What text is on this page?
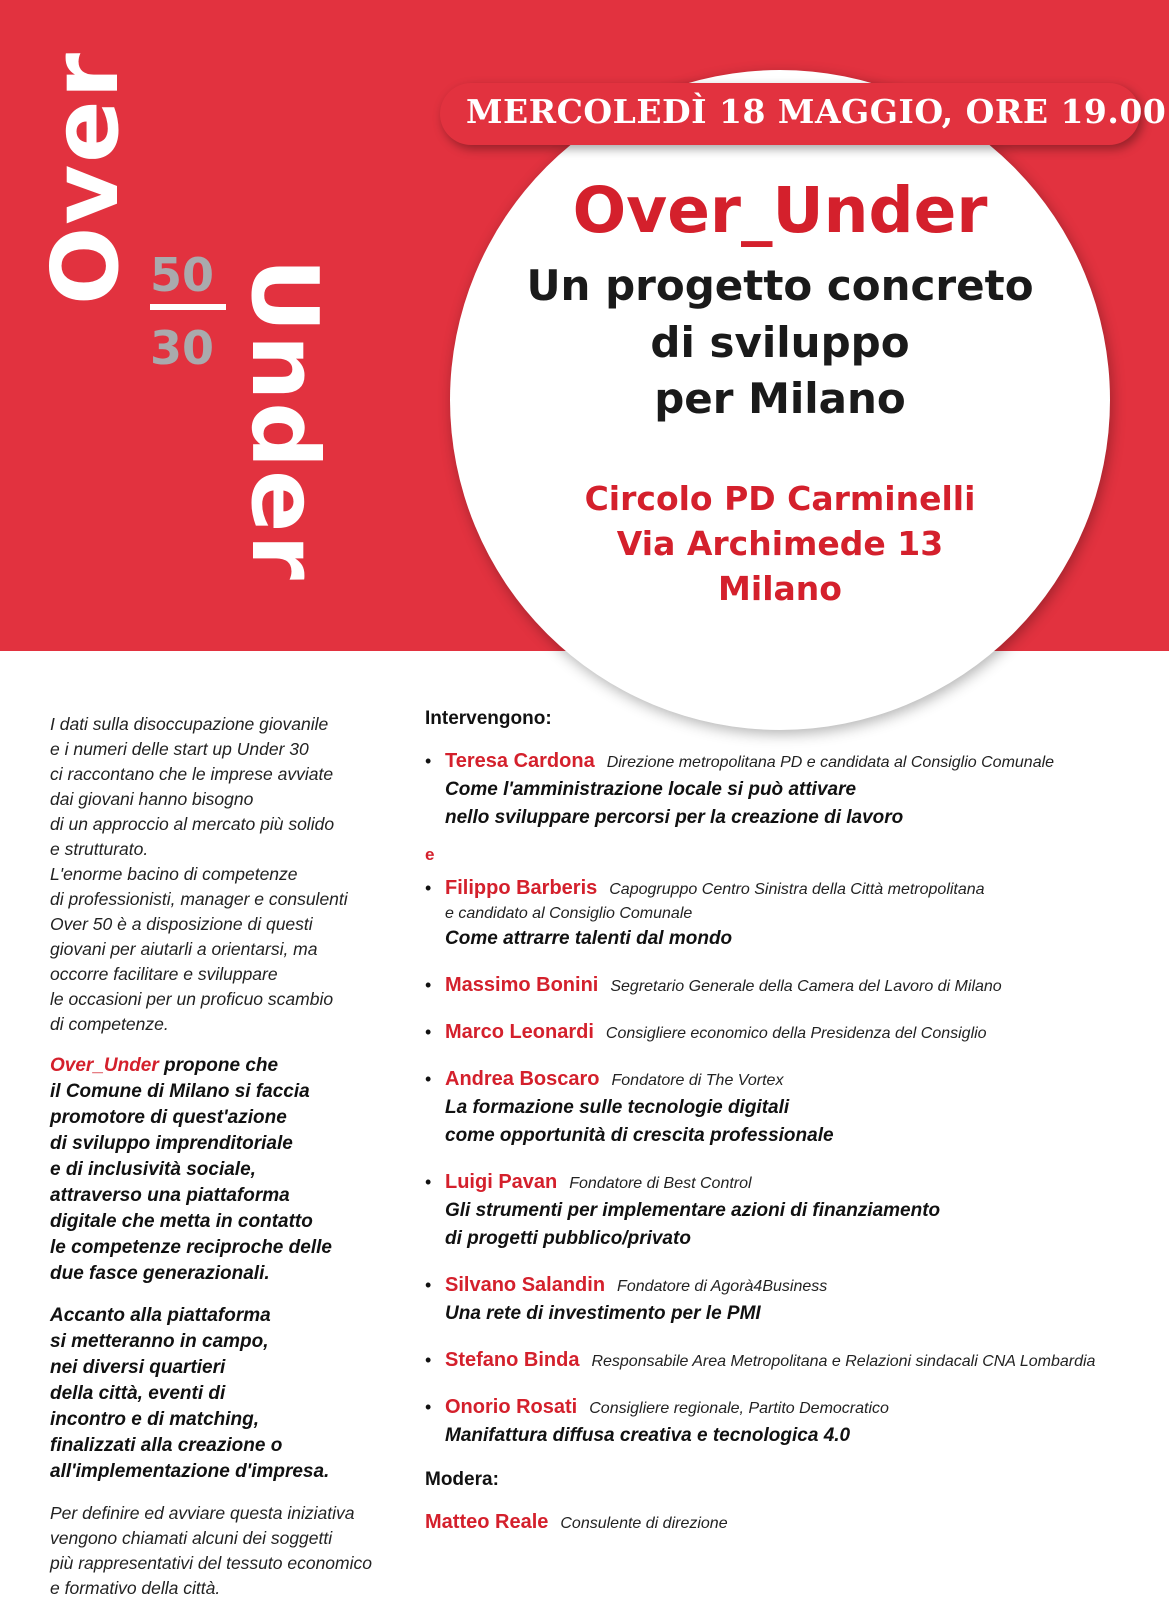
Over 50
30 Under
MERCOLEDÌ 18 MAGGIO, ORE 19.00
Over_Under
Un progetto concreto
di sviluppo
per Milano
Circolo PD Carminelli
Via Archimede 13
Milano
I dati sulla disoccupazione giovanile
e i numeri delle start up Under 30
ci raccontano che le imprese avviate
dai giovani hanno bisogno
di un approccio al mercato più solido
e strutturato.
L'enorme bacino di competenze
di professionisti, manager e consulenti
Over 50 è a disposizione di questi
giovani per aiutarli a orientarsi, ma
occorre facilitare e sviluppare
le occasioni per un proficuo scambio
di competenze.
Over_Under propone che
il Comune di Milano si faccia
promotore di quest'azione
di sviluppo imprenditoriale
e di inclusività sociale,
attraverso una piattaforma
digitale che metta in contatto
le competenze reciproche delle
due fasce generazionali.
Accanto alla piattaforma
si metteranno in campo,
nei diversi quartieri
della città, eventi di
incontro e di matching,
finalizzati alla creazione o
all'implementazione d'impresa.
Per definire ed avviare questa iniziativa
vengono chiamati alcuni dei soggetti
più rappresentativi del tessuto economico
e formativo della città.
Intervengono:
• Teresa Cardona Direzione metropolitana PD e candidata al Consiglio Comunale
Come l'amministrazione locale si può attivare
nello sviluppare percorsi per la creazione di lavoro
e
• Filippo Barberis Capogruppo Centro Sinistra della Città metropolitana
e candidato al Consiglio Comunale
Come attrarre talenti dal mondo
• Massimo Bonini Segretario Generale della Camera del Lavoro di Milano
• Marco Leonardi Consigliere economico della Presidenza del Consiglio
• Andrea Boscaro Fondatore di The Vortex
La formazione sulle tecnologie digitali
come opportunità di crescita professionale
• Luigi Pavan Fondatore di Best Control
Gli strumenti per implementare azioni di finanziamento
di progetti pubblico/privato
• Silvano Salandin Fondatore di Agorà4Business
Una rete di investimento per le PMI
• Stefano Binda Responsabile Area Metropolitana e Relazioni sindacali CNA Lombardia
• Onorio Rosati Consigliere regionale, Partito Democratico
Manifattura diffusa creativa e tecnologica 4.0
Modera:
Matteo Reale Consulente di direzione
